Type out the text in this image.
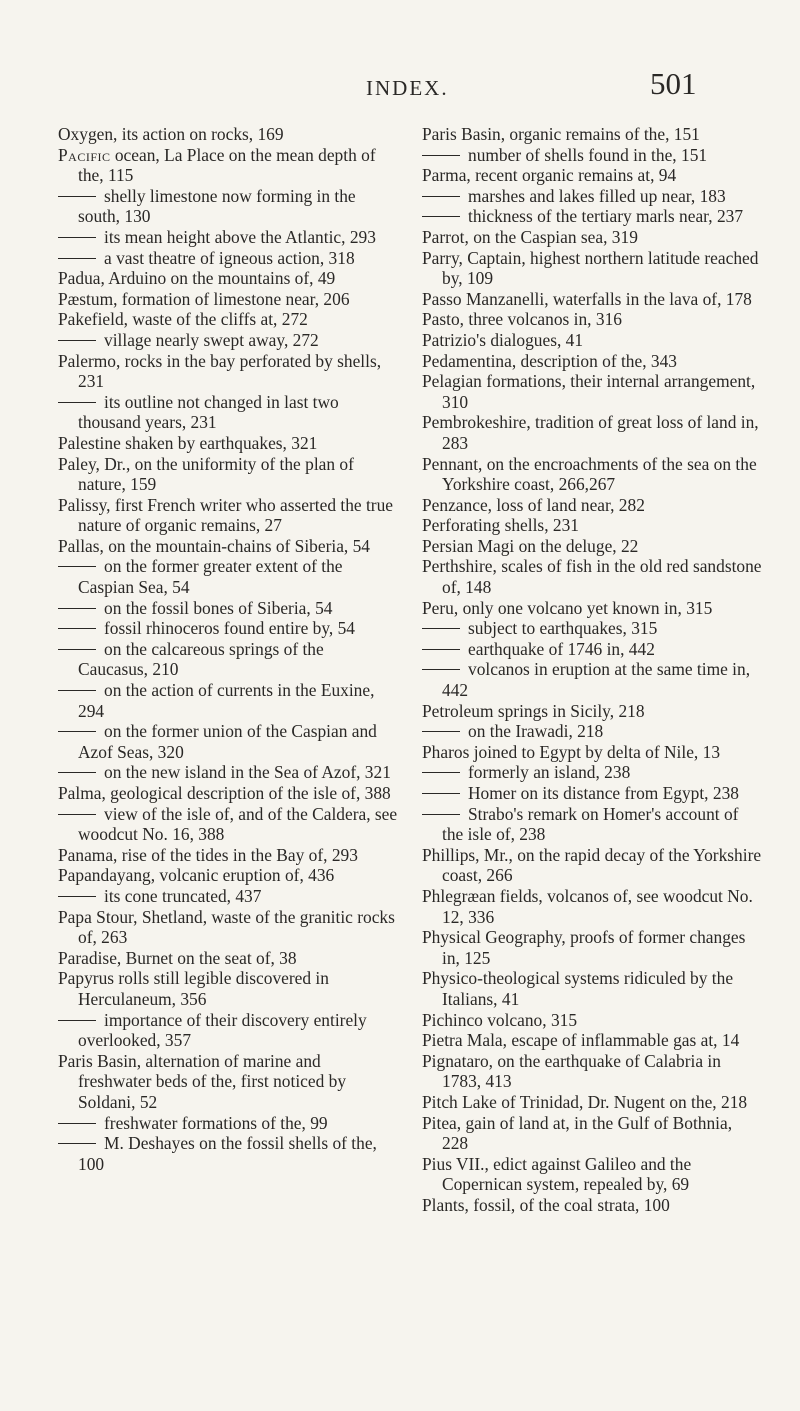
INDEX.	501

Oxygen, its action on rocks, 169

Pacific ocean, La Place on the mean depth of the, 115

shelly limestone now forming in the south, 130

its mean height above the Atlantic, 293

a vast theatre of igneous action, 318

Padua, Arduino on the mountains of, 49

Pæstum, formation of limestone near, 206

Pakefield, waste of the cliffs at, 272

village nearly swept away, 272

Palermo, rocks in the bay perforated by shells, 231

its outline not changed in last two thousand years, 231

Palestine shaken by earthquakes, 321

Paley, Dr., on the uniformity of the plan of nature, 159

Palissy, first French writer who asserted the true nature of organic remains, 27

Pallas, on the mountain-chains of Siberia, 54

on the former greater extent of the Caspian Sea, 54

on the fossil bones of Siberia, 54

fossil rhinoceros found entire by, 54

on the calcareous springs of the Caucasus, 210

on the action of currents in the Euxine, 294

on the former union of the Caspian and Azof Seas, 320

on the new island in the Sea of Azof, 321

Palma, geological description of the isle of, 388

view of the isle of, and of the Caldera, see woodcut No. 16, 388

Panama, rise of the tides in the Bay of, 293

Papandayang, volcanic eruption of, 436

its cone truncated, 437

Papa Stour, Shetland, waste of the granitic rocks of, 263

Paradise, Burnet on the seat of, 38

Papyrus rolls still legible discovered in Herculaneum, 356

importance of their discovery entirely overlooked, 357

Paris Basin, alternation of marine and freshwater beds of the, first noticed by Soldani, 52

freshwater formations of the, 99

M. Deshayes on the fossil shells of the, 100

Paris Basin, organic remains of the, 151

number of shells found in the, 151

Parma, recent organic remains at, 94

marshes and lakes filled up near, 183

thickness of the tertiary marls near, 237

Parrot, on the Caspian sea, 319

Parry, Captain, highest northern latitude reached by, 109

Passo Manzanelli, waterfalls in the lava of, 178

Pasto, three volcanos in, 316

Patrizio's dialogues, 41

Pedamentina, description of the, 343

Pelagian formations, their internal arrangement, 310

Pembrokeshire, tradition of great loss of land in, 283

Pennant, on the encroachments of the sea on the Yorkshire coast, 266,267

Penzance, loss of land near, 282

Perforating shells, 231

Persian Magi on the deluge, 22

Perthshire, scales of fish in the old red sandstone of, 148

Peru, only one volcano yet known in, 315

subject to earthquakes, 315

earthquake of 1746 in, 442

volcanos in eruption at the same time in, 442

Petroleum springs in Sicily, 218

on the Irawadi, 218

Pharos joined to Egypt by delta of Nile, 13

formerly an island, 238

Homer on its distance from Egypt, 238

Strabo's remark on Homer's account of the isle of, 238

Phillips, Mr., on the rapid decay of the Yorkshire coast, 266

Phlegræan fields, volcanos of, see woodcut No. 12, 336

Physical Geography, proofs of former changes in, 125

Physico-theological systems ridiculed by the Italians, 41

Pichinco volcano, 315

Pietra Mala, escape of inflammable gas at, 14

Pignataro, on the earthquake of Calabria in 1783, 413

Pitch Lake of Trinidad, Dr. Nugent on the, 218

Pitea, gain of land at, in the Gulf of Bothnia, 228

Pius VII., edict against Galileo and the Copernican system, repealed by, 69

Plants, fossil, of the coal strata, 100
